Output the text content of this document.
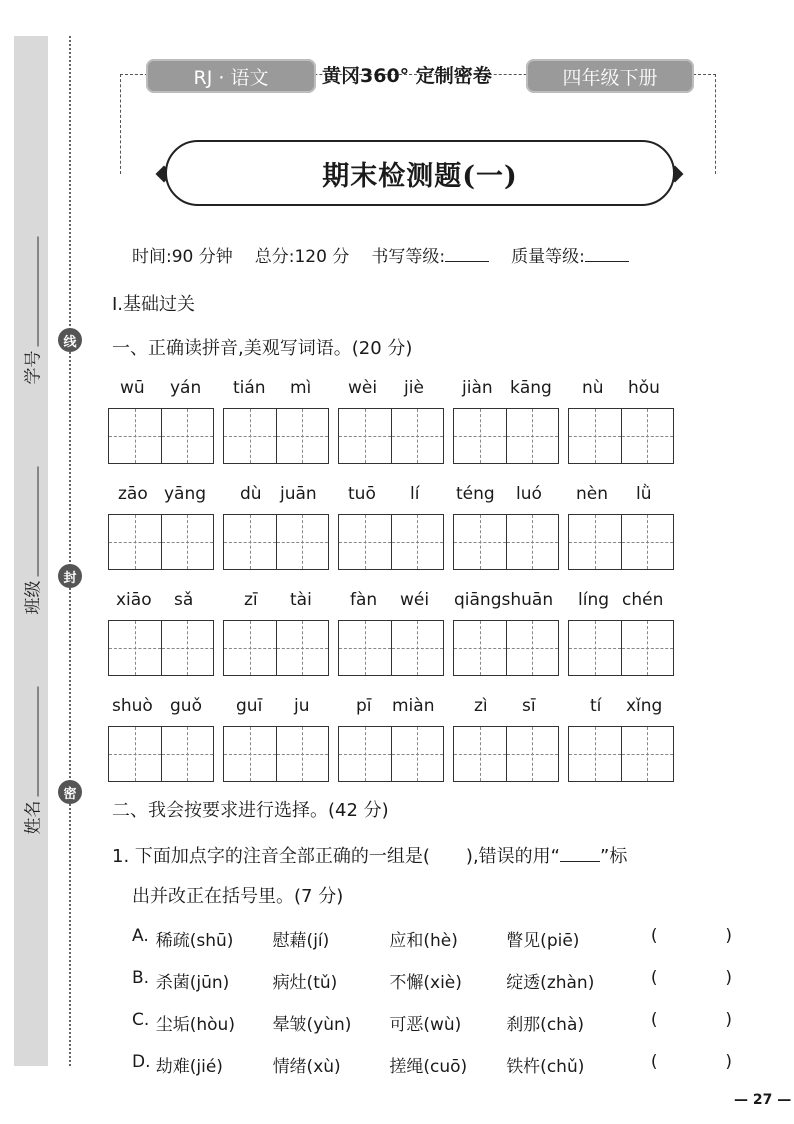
学号
班级
姓名
线
封
密
RJ · 语文	黄冈360° 定制密卷	四年级下册
期末检测题(一)
时间:90 分钟 总分:120 分 书写等级:	质量等级:
Ⅰ.基础过关
一、正确读拼音,美观写词语。(20 分)
wū yán tián mì wèi jiè jiàn kāng nù hǒu
zāo yāng dù juān tuō lí téng luó nèn lǜ
xiāo sǎ	zī tài fàn wéi qiāngshuān líng chén
shuò guǒ guī ju	pī miàn zì sī	tí xǐng
二、我会按要求进行选择。(42 分)
1. 下面加点字的注音全部正确的一组是( ),错误的用“ ”标
出并改正在括号里。(7 分)
A. 稀疏(shū)	慰藉(jí)	应和(hè)	瞥见(piē)	(	)
B. 杀菌(jūn)	病灶(tǔ)	不懈(xiè)	绽透(zhàn)	(	)
C. 尘垢(hòu)	晕皱(yùn)	可恶(wù)	刹那(chà)	(	)
D. 劫难(jié)	情绪(xù)	搓绳(cuō)	铁杵(chǔ)	(	)
— 27 —
